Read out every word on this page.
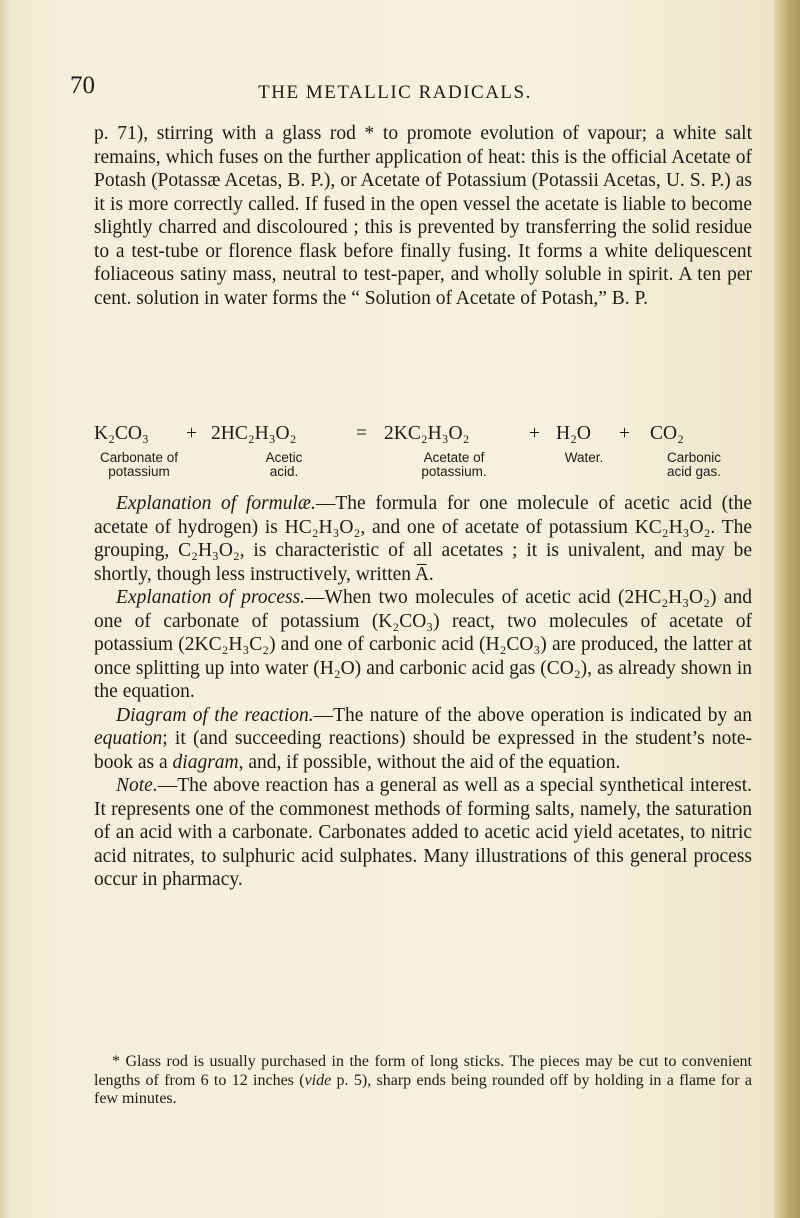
70	THE METALLIC RADICALS.

p. 71), stirring with a glass rod * to promote evolution of vapour; a white salt remains, which fuses on the further application of heat: this is the official Acetate of Potash (Potassæ Acetas, B. P.), or Acetate of Potassium (Potassii Acetas, U. S. P.) as it is more correctly called. If fused in the open vessel the acetate is liable to become slightly charred and discoloured ; this is prevented by transferring the solid residue to a test-tube or florence flask before finally fusing. It forms a white deliquescent foliaceous satiny mass, neutral to test-paper, and wholly soluble in spirit. A ten per cent. solution in water forms the “ Solution of Acetate of Potash,” B. P.

K₂CO₃ + 2HC₂H₃O₂	= 2KC₂H₃O₂	+ H₂O + CO₂
Carbonate of
potassium
Acetic
acid.
Acetate of
potassium.
Water.	Carbonic
acid gas.

Explanation of formulæ.—The formula for one molecule of acetic acid (the acetate of hydrogen) is HC₂H₃O₂, and one of acetate of potassium KC₂H₃O₂. The grouping, C₂H₃O₂, is characteristic of all acetates ; it is univalent, and may be shortly, though less instructively, written A̅.

Explanation of process.—When two molecules of acetic acid (2HC₂H₃O₂) and one of carbonate of potassium (K₂CO₃) react, two molecules of acetate of potassium (2KC₂H₃C₂) and one of carbonic acid (H₂CO₃) are produced, the latter at once splitting up into water (H₂O) and carbonic acid gas (CO₂), as already shown in the equation.

Diagram of the reaction.—The nature of the above operation is indicated by an equation; it (and succeeding reactions) should be expressed in the student’s note-book as a diagram, and, if possible, without the aid of the equation.

Note.—The above reaction has a general as well as a special synthetical interest. It represents one of the commonest methods of forming salts, namely, the saturation of an acid with a carbonate. Carbonates added to acetic acid yield acetates, to nitric acid nitrates, to sulphuric acid sulphates. Many illustrations of this general process occur in pharmacy.

* Glass rod is usually purchased in the form of long sticks. The pieces may be cut to convenient lengths of from 6 to 12 inches (vide p. 5), sharp ends being rounded off by holding in a flame for a few minutes.
